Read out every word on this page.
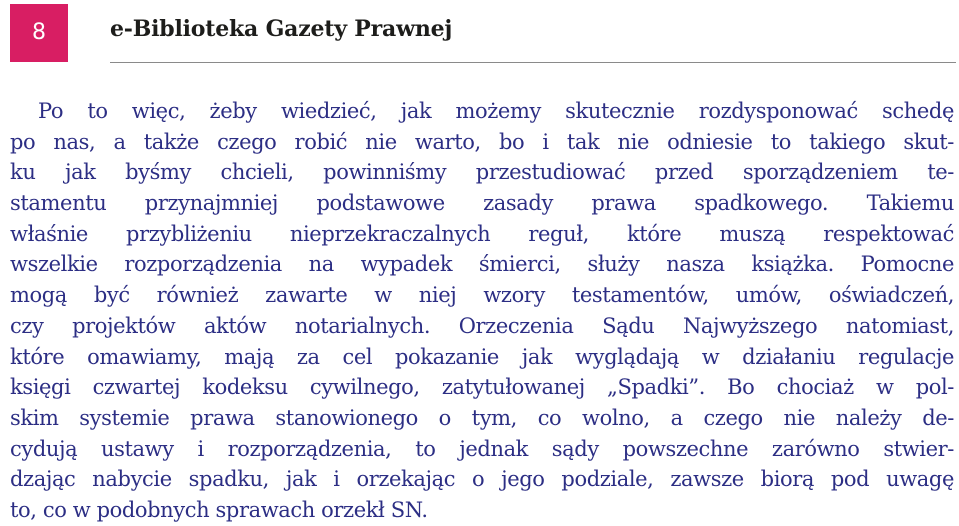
8	e-Biblioteka Gazety Prawnej
Po to więc, żeby wiedzieć, jak możemy skutecznie rozdysponować schedę
po nas, a także czego robić nie warto, bo i tak nie odniesie to takiego skut-
ku jak byśmy chcieli, powinniśmy przestudiować przed sporządzeniem te-
stamentu przynajmniej podstawowe zasady prawa spadkowego. Takiemu
właśnie przybliżeniu nieprzekraczalnych reguł, które muszą respektować
wszelkie rozporządzenia na wypadek śmierci, służy nasza książka. Pomocne
mogą być również zawarte w niej wzory testamentów, umów, oświadczeń,
czy projektów aktów notarialnych. Orzeczenia Sądu Najwyższego natomiast,
które omawiamy, mają za cel pokazanie jak wyglądają w działaniu regulacje
księgi czwartej kodeksu cywilnego, zatytułowanej „Spadki”. Bo chociaż w pol-
skim systemie prawa stanowionego o tym, co wolno, a czego nie należy de-
cydują ustawy i rozporządzenia, to jednak sądy powszechne zarówno stwier-
dzając nabycie spadku, jak i orzekając o jego podziale, zawsze biorą pod uwagę
to, co w podobnych sprawach orzekł SN.
